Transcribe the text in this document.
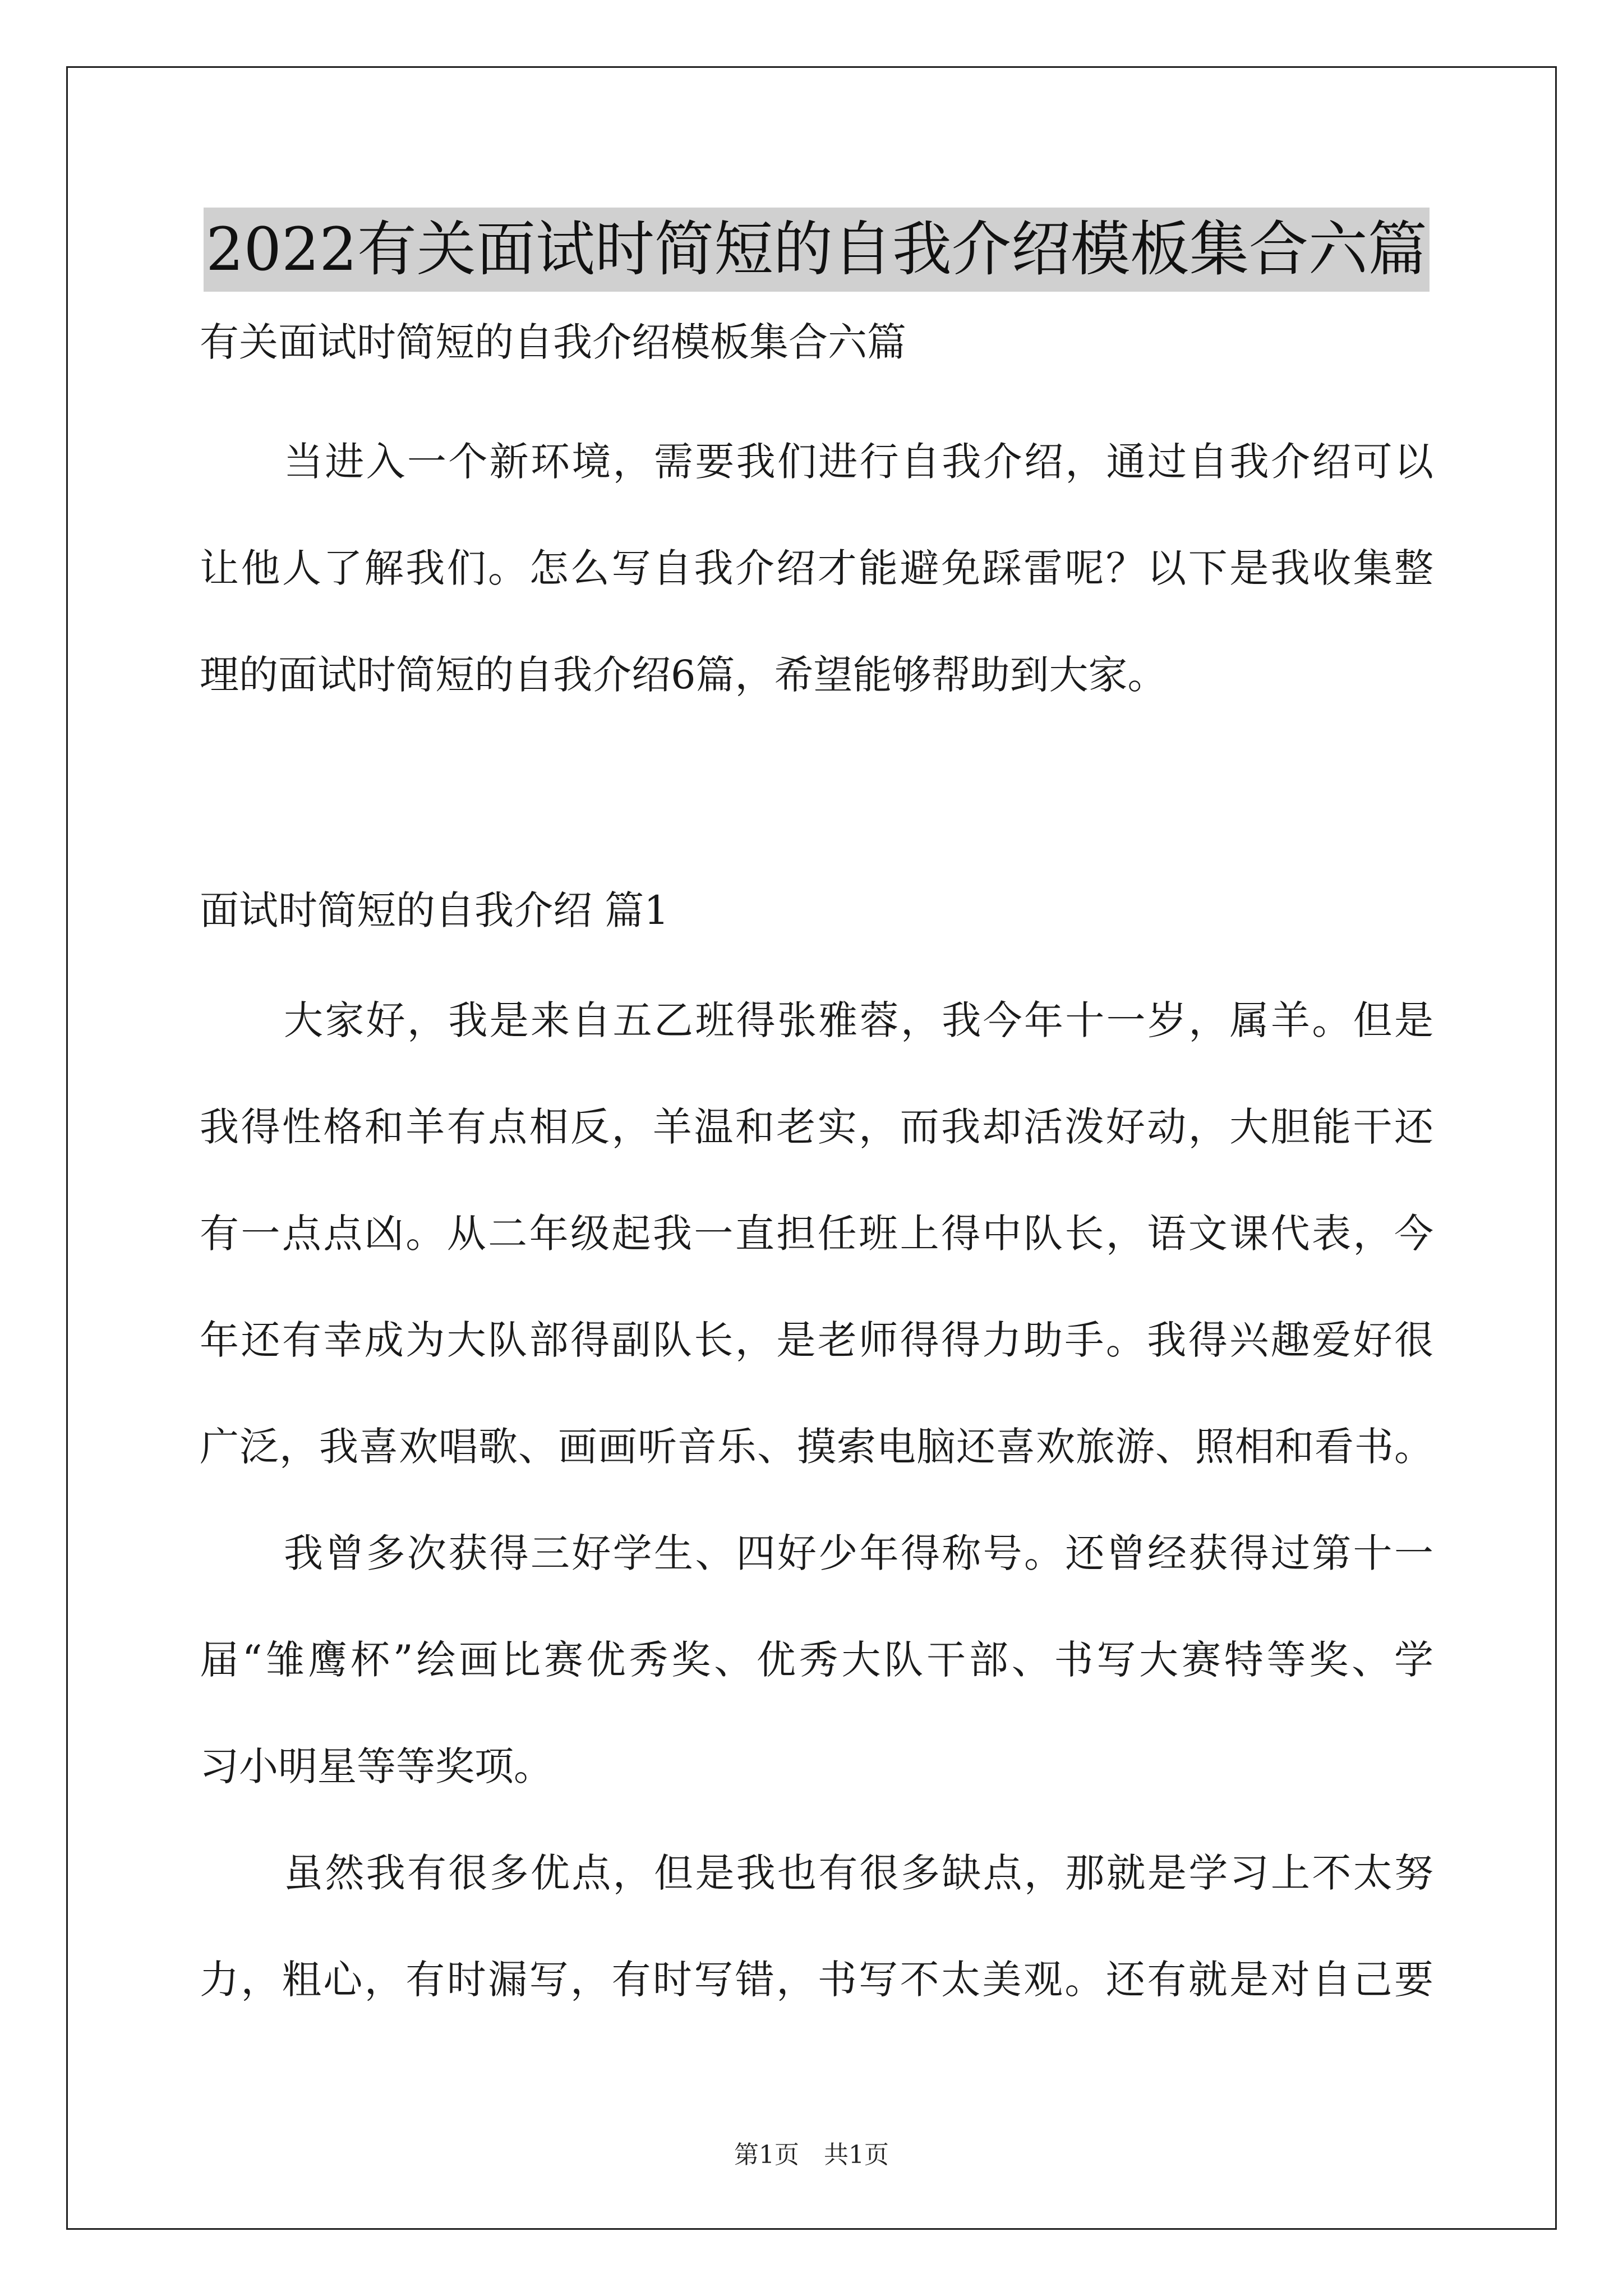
2022有关面试时简短的自我介绍模板集合六篇
有关面试时简短的自我介绍模板集合六篇
当进入一个新环境，需要我们进行自我介绍，通过自我介绍可以
让他人了解我们。怎么写自我介绍才能避免踩雷呢？以下是我收集整
理的面试时简短的自我介绍6篇，希望能够帮助到大家。
面试时简短的自我介绍 篇1
大家好，我是来自五乙班得张雅蓉，我今年十一岁，属羊。但是
我得性格和羊有点相反，羊温和老实，而我却活泼好动，大胆能干还
有一点点凶。从二年级起我一直担任班上得中队长，语文课代表，今
年还有幸成为大队部得副队长，是老师得得力助手。我得兴趣爱好很
广泛，我喜欢唱歌、画画听音乐、摸索电脑还喜欢旅游、照相和看书。
我曾多次获得三好学生、四好少年得称号。还曾经获得过第十一
届“雏鹰杯”绘画比赛优秀奖、优秀大队干部、书写大赛特等奖、学
习小明星等等奖项。
虽然我有很多优点，但是我也有很多缺点，那就是学习上不太努
力，粗心，有时漏写，有时写错，书写不太美观。还有就是对自己要
第1页　共1页
